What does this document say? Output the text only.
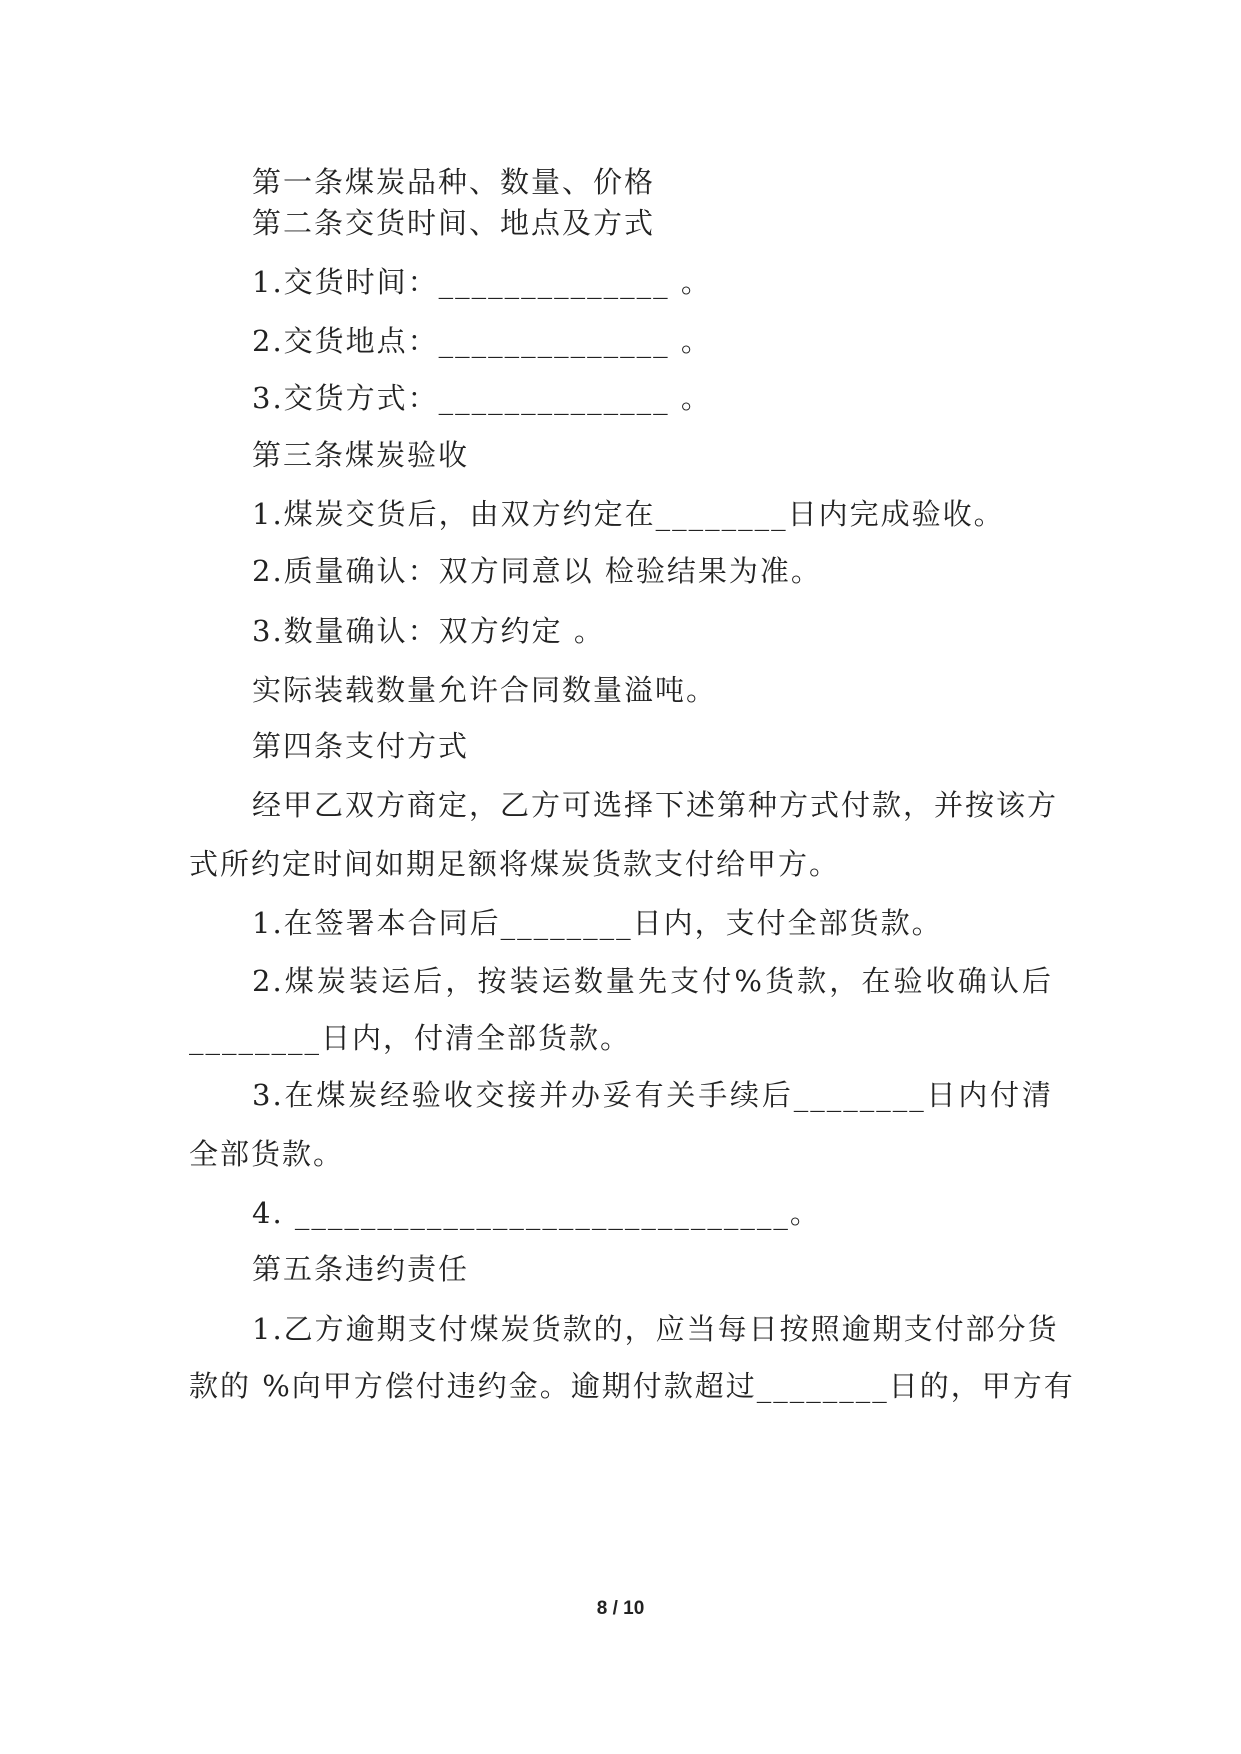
第一条煤炭品种、数量、价格
第二条交货时间、地点及方式
1.交货时间：______________ 。
2.交货地点：______________ 。
3.交货方式：______________ 。
第三条煤炭验收
1.煤炭交货后，由双方约定在________日内完成验收。
2.质量确认：双方同意以 检验结果为准。
3.数量确认：双方约定 。
实际装载数量允许合同数量溢吨。
第四条支付方式
经甲乙双方商定，乙方可选择下述第种方式付款，并按该方
式所约定时间如期足额将煤炭货款支付给甲方。
1.在签署本合同后________日内，支付全部货款。
2.煤炭装运后，按装运数量先支付%货款，在验收确认后
________日内，付清全部货款。
3.在煤炭经验收交接并办妥有关手续后________日内付清
全部货款。
4. ______________________________。
第五条违约责任
1.乙方逾期支付煤炭货款的，应当每日按照逾期支付部分货
款的 %向甲方偿付违约金。逾期付款超过________日的，甲方有
8 / 10
